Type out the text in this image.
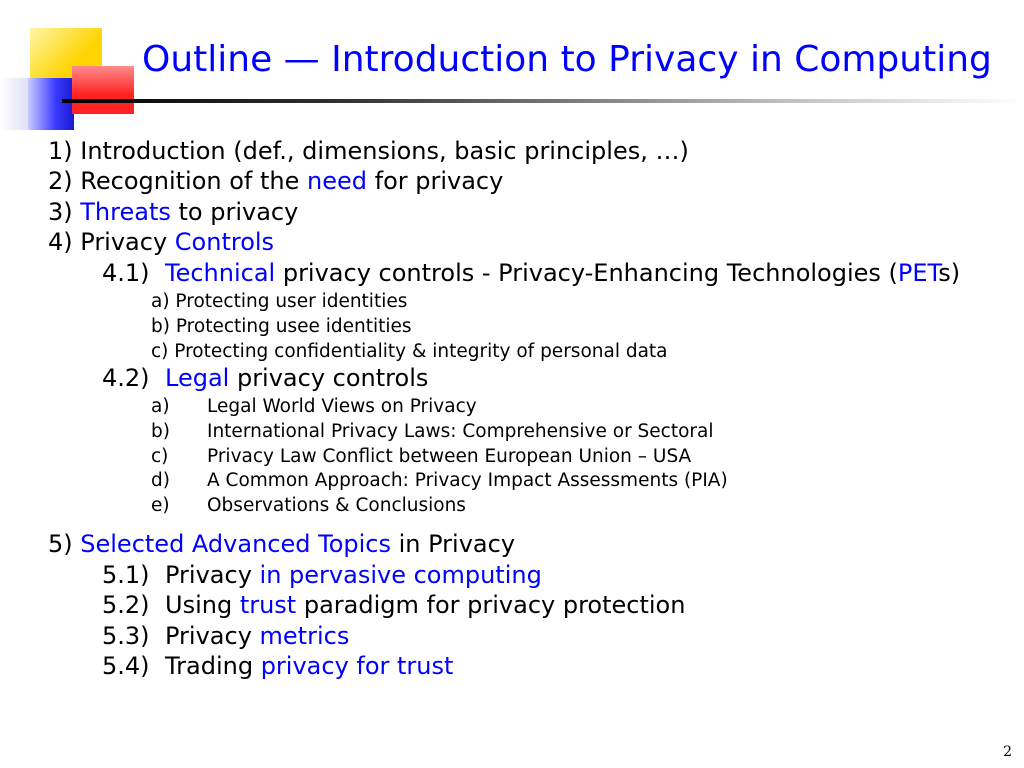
Outline — Introduction to Privacy in Computing
1) Introduction (def., dimensions, basic principles, …)
2) Recognition of the need for privacy
3) Threats to privacy
4) Privacy Controls
4.1) Technical privacy controls - Privacy-Enhancing Technologies (PETs)
a) Protecting user identities
b) Protecting usee identities
c) Protecting confidentiality & integrity of personal data
4.2) Legal privacy controls
a) Legal World Views on Privacy
b) International Privacy Laws: Comprehensive or Sectoral
c) Privacy Law Conflict between European Union – USA
d) A Common Approach: Privacy Impact Assessments (PIA)
e) Observations & Conclusions
5) Selected Advanced Topics in Privacy
5.1) Privacy in pervasive computing
5.2) Using trust paradigm for privacy protection
5.3) Privacy metrics
5.4) Trading privacy for trust
2
